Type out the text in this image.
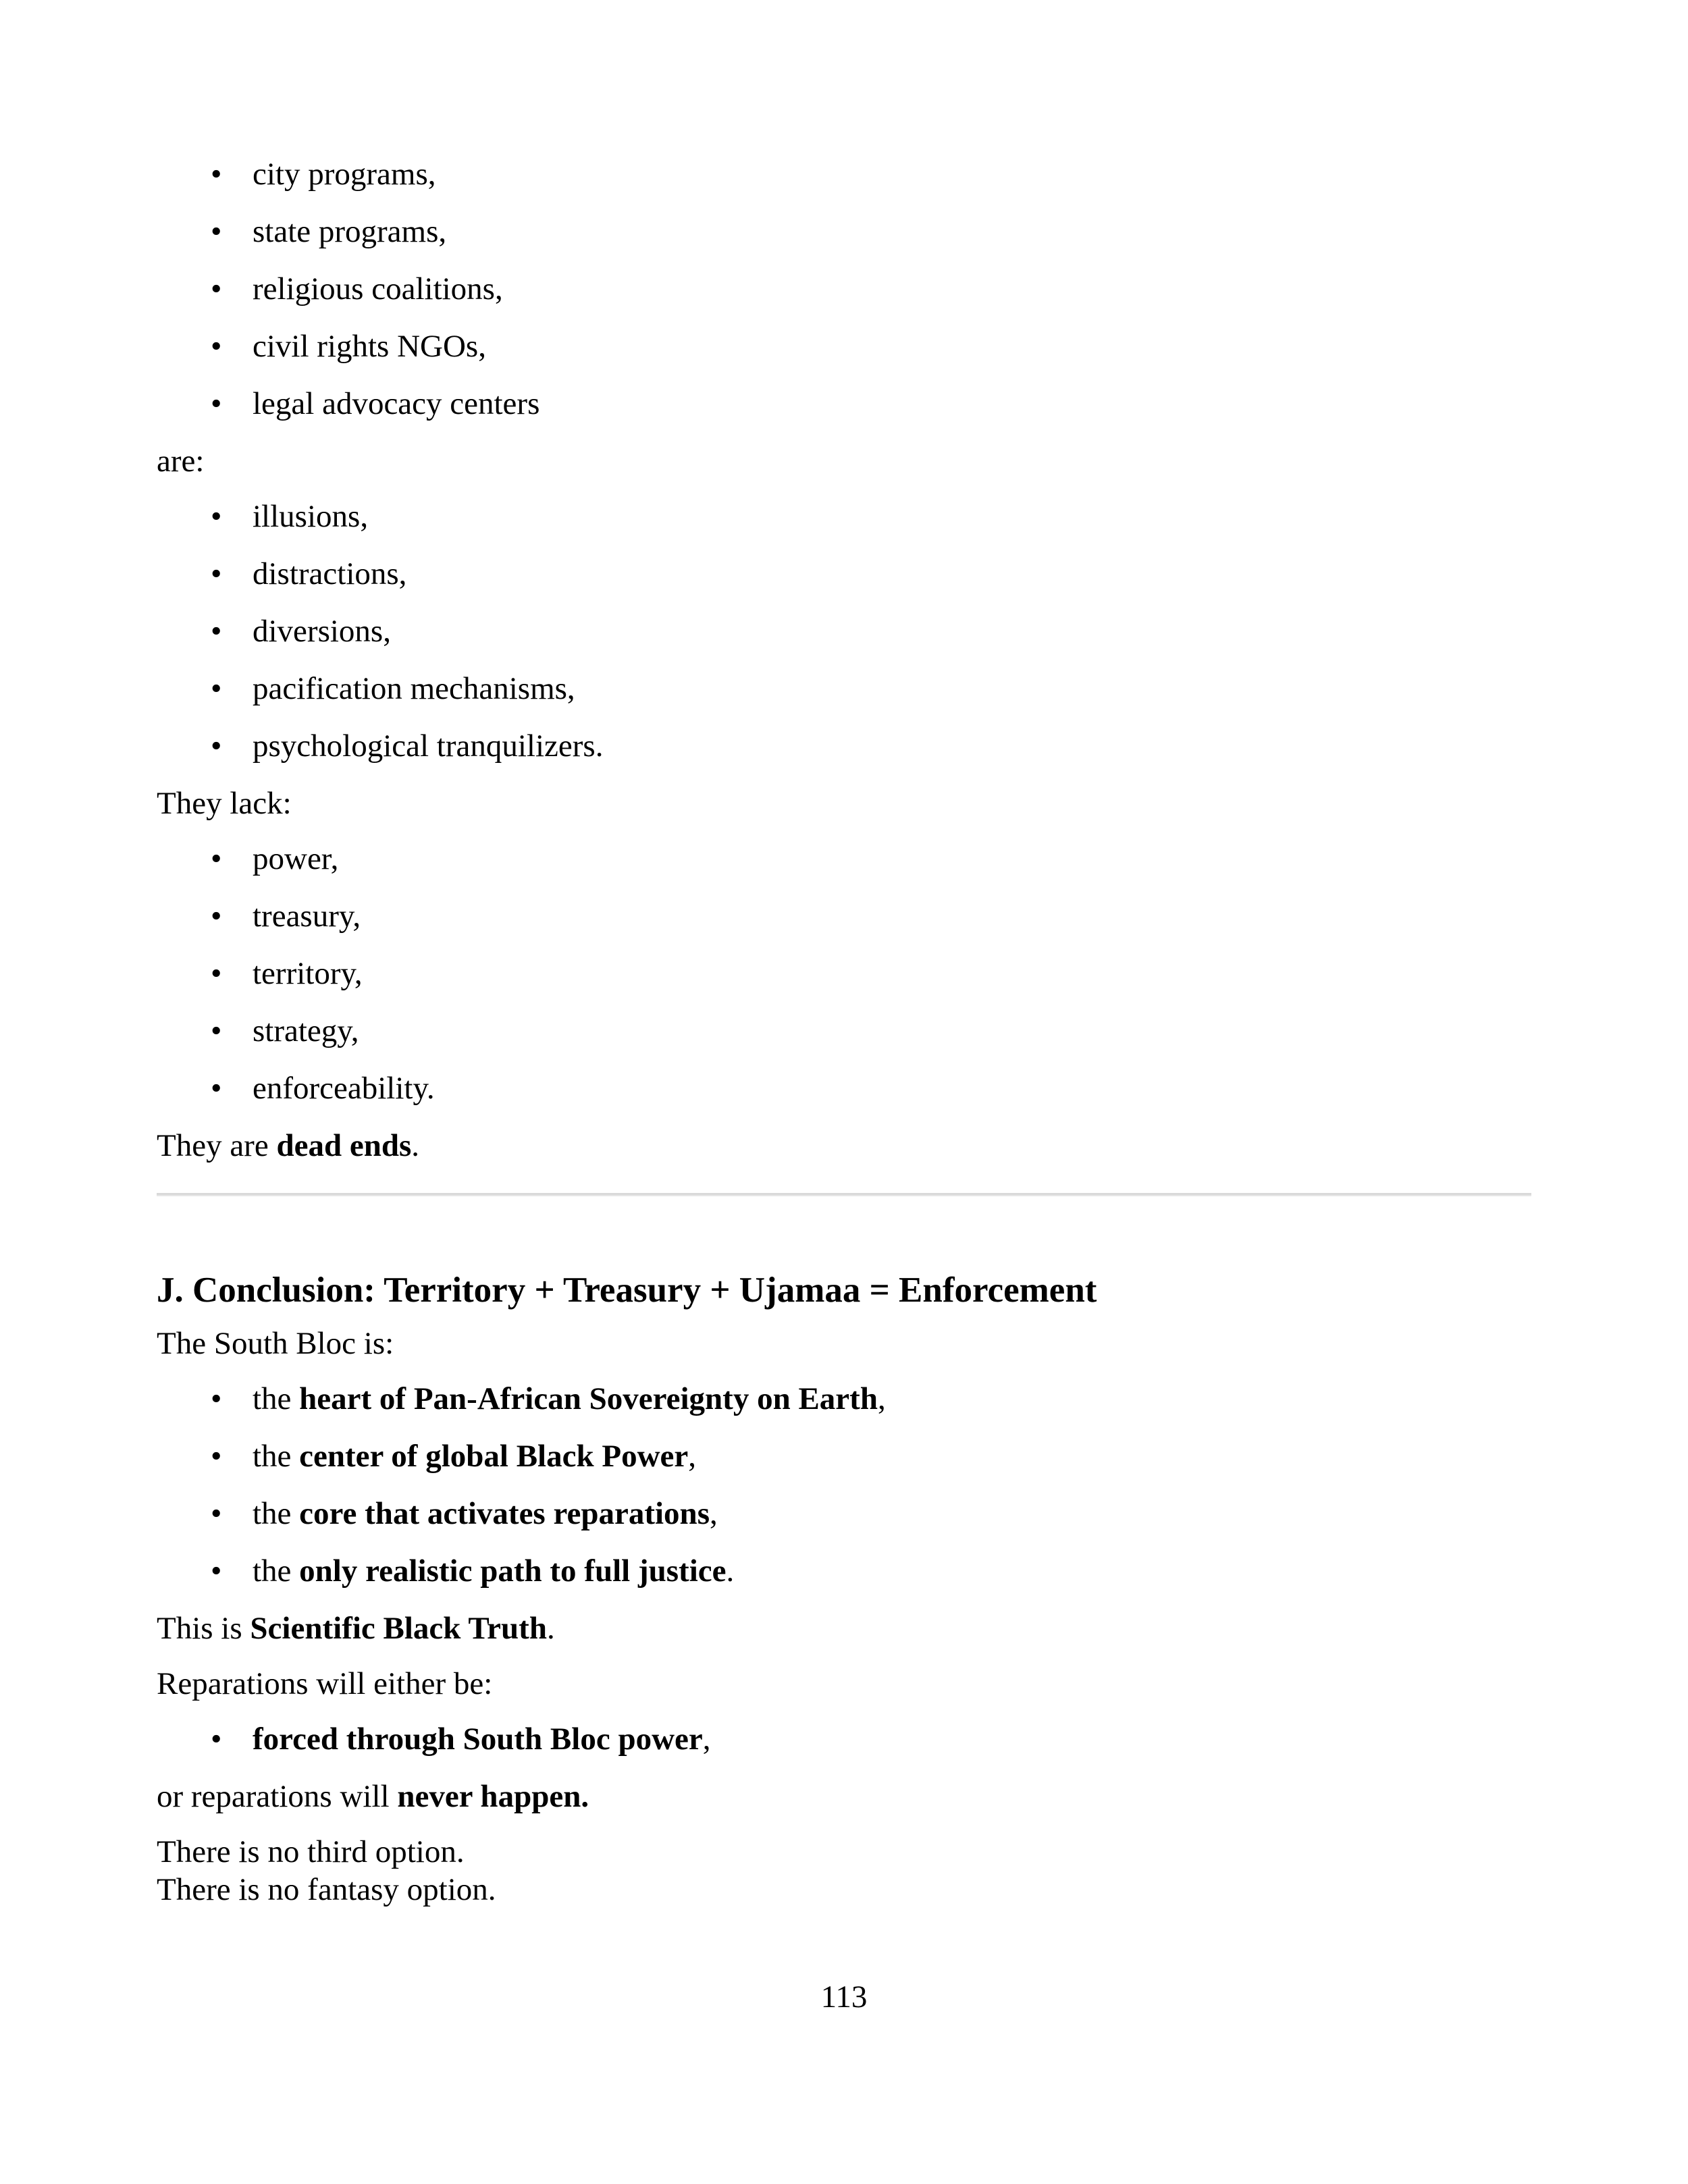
• city programs,
• state programs,
• religious coalitions,
• civil rights NGOs,
• legal advocacy centers

are:

• illusions,
• distractions,
• diversions,
• pacification mechanisms,
• psychological tranquilizers.

They lack:

• power,
• treasury,
• territory,
• strategy,
• enforceability.

They are dead ends.

J. Conclusion: Territory + Treasury + Ujamaa = Enforcement

The South Bloc is:

• the heart of Pan-African Sovereignty on Earth,
• the center of global Black Power,
• the core that activates reparations,
• the only realistic path to full justice.

This is Scientific Black Truth.

Reparations will either be:

• forced through South Bloc power,

or reparations will never happen.

There is no third option.
There is no fantasy option.

113
